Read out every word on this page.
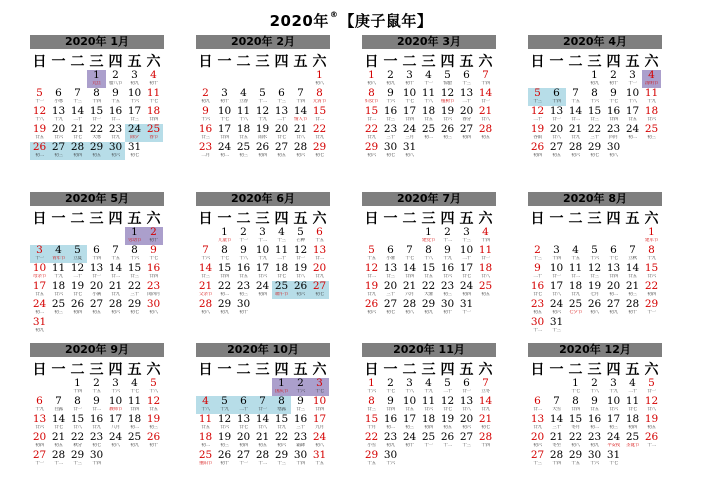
2020年®【庚子鼠年】
2020年 1月
日 一 二 三 四 五 六
1
元旦
2
腊八节
3
初九
4
初十
5
十一
6
小寒
7
十三
8
十四
9
十五
10
十六
11
十七
12
十八
13
十九
14
二十
15
廿一
16
廿二
17
廿三
18
廿四
19
廿五
20
廿六
21
廿七
22
大寒
23
廿九
24
除夕
25
春节
26
初二
27
初三
28
初四
29
初五
30
初六
31
初七
2020年 2月
日 一 二 三 四 五 六
1
初八
2
初九
3
初十
4
立春
5
十二
6
十三
7
十四
8
元宵节
9
十六
10
十七
11
十八
12
十九
13
二十
14
情人节
15
廿二
16
廿三
17
廿四
18
廿五
19
雨水
20
廿七
21
廿八
22
廿九
23
二月
24
初二
25
初三
26
初四
27
初五
28
初六
29
初七
2020年 3月
日 一 二 三 四 五 六
1
初八
2
初九
3
初十
4
十一
5
惊蛰
6
十三
7
十四
8
妇女节
9
十六
10
十七
11
十八
12
植树节
13
二十
14
廿一
15
廿二
16
廿三
17
廿四
18
廿五
19
廿六
20
春分
21
廿八
22
廿九
23
三十
24
三月
25
初二
26
初三
27
初四
28
初五
29
初六
30
初七
31
初八
2020年 4月
日 一 二 三 四 五 六
1
初九
2
初十
3
十一
4
清明节
5
十三
6
十四
7
十五
8
十六
9
十七
10
十八
11
十九
12
二十
13
廿一
14
廿二
15
廿三
16
廿四
17
廿五
18
廿六
19
谷雨
20
廿八
21
廿九
22
三十
23
四月
24
初二
25
初三
26
初四
27
初五
28
初六
29
初七
30
初八
2020年 5月
日 一 二 三 四 五 六
1
劳动节
2
初十
3
十一
4
青年节
5
立夏
6
十四
7
十五
8
十六
9
十七
10
母亲节
11
十九
12
二十
13
廿一
14
廿二
15
廿三
16
廿四
17
廿五
18
廿六
19
廿七
20
小满
21
廿九
22
三十
23
闰四月
24
初二
25
初三
26
初四
27
初五
28
初六
29
初七
30
初八
31
初九
2020年 6月
日 一 二 三 四 五 六
1
儿童节
2
十一
3
十二
4
十三
5
芒种
6
十五
7
十六
8
十七
9
十八
10
十九
11
二十
12
廿一
13
廿二
14
廿三
15
廿四
16
廿五
17
廿六
18
廿七
19
廿八
20
廿九
21
父亲节
22
初二
23
初三
24
初四
25
端午节
26
初六
27
初七
28
初八
29
初九
30
初十
2020年 7月
日 一 二 三 四 五 六
1
建党节
2
十二
3
十三
4
十四
5
十五
6
小暑
7
十七
8
十八
9
十九
10
二十
11
廿一
12
廿二
13
廿三
14
廿四
15
廿五
16
廿六
17
廿七
18
廿八
19
廿九
20
三十
21
六月
22
大暑
23
初三
24
初四
25
初五
26
初六
27
初七
28
初八
29
初九
30
初十
31
十一
2020年 8月
日 一 二 三 四 五 六
1
建军节
2
十三
3
十四
4
十五
5
十六
6
十七
7
立秋
8
十九
9
二十
10
廿一
11
廿二
12
廿三
13
廿四
14
廿五
15
廿六
16
廿七
17
廿八
18
廿九
19
七月
20
初二
21
初三
22
初四
23
初五
24
初六
25
七夕节
26
初八
27
初九
28
初十
29
十一
30
十二
31
十三
2020年 9月
日 一 二 三 四 五 六
1
十四
2
十五
3
十六
4
十七
5
十八
6
十九
7
白露
8
廿一
9
廿二
10
教师节
11
廿四
12
廿五
13
廿六
14
廿七
15
廿八
16
廿九
17
八月
18
初二
19
初三
20
初四
21
初五
22
秋分
23
初七
24
初八
25
初九
26
初十
27
十一
28
十二
29
十三
30
十四
2020年 10月
日 一 二 三 四 五 六
1
国庆节
2
十六
3
十七
4
十八
5
十九
6
二十
7
廿一
8
寒露
9
廿三
10
廿四
11
廿五
12
廿六
13
廿七
14
廿八
15
廿九
16
三十
17
九月
18
初二
19
初三
20
初四
21
初五
22
初六
23
霜降
24
初八
25
重阳节
26
初十
27
十一
28
十二
29
十三
30
十四
31
十五
2020年 11月
日 一 二 三 四 五 六
1
十六
2
十七
3
十八
4
十九
5
二十
6
廿一
7
立冬
8
廿三
9
廿四
10
廿五
11
廿六
12
廿七
13
廿八
14
廿九
15
十月
16
初二
17
初三
18
初四
19
初五
20
初六
21
初七
22
小雪
23
初九
24
初十
25
十一
26
十二
27
十三
28
十四
29
十五
30
十六
2020年 12月
日 一 二 三 四 五 六
1
十七
2
十八
3
十九
4
二十
5
廿一
6
廿二
7
大雪
8
廿四
9
廿五
10
廿六
11
廿七
12
廿八
13
廿九
14
三十
15
冬月
16
初二
17
初三
18
初四
19
初五
20
初六
21
冬至
22
初八
23
初九
24
平安夜
25
圣诞节
26
十二
27
十三
28
十四
29
十五
30
十六
31
十七
